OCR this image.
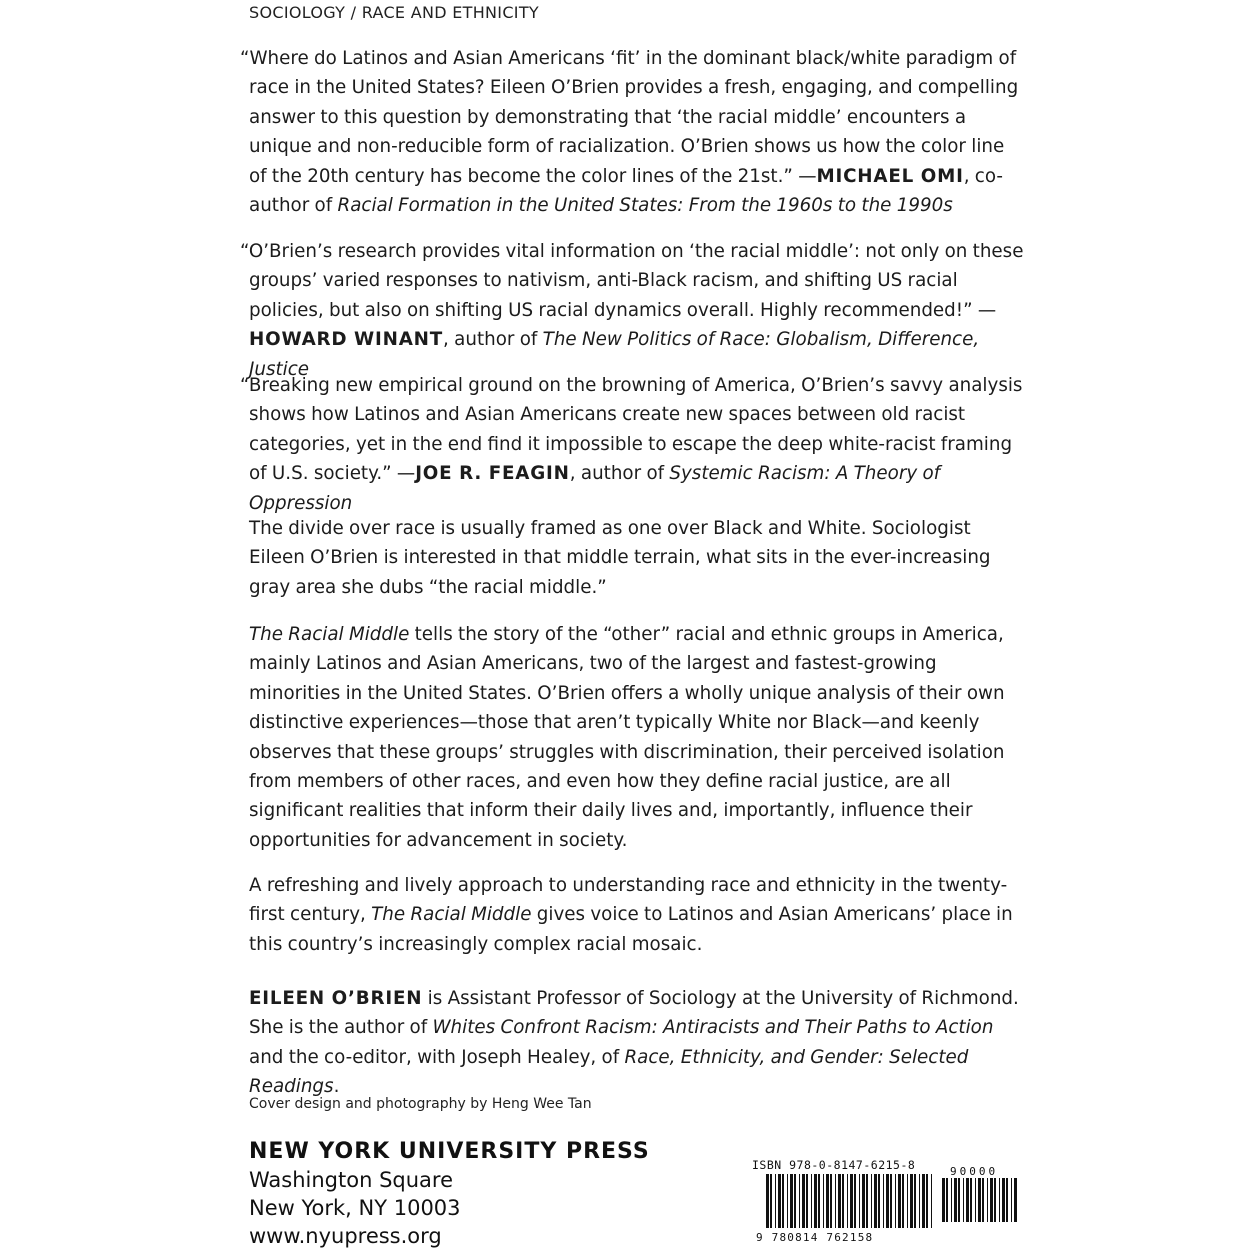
SOCIOLOGY / RACE AND ETHNICITY
“Where do Latinos and Asian Americans ‘fit’ in the dominant black/white paradigm of race in the United States? Eileen O’Brien provides a fresh, engaging, and compelling answer to this question by demonstrating that ‘the racial middle’ encounters a unique and non-reducible form of racialization. O’Brien shows us how the color line of the 20th century has become the color lines of the 21st.” —MICHAEL OMI, co-author of Racial Formation in the United States: From the 1960s to the 1990s
“O’Brien’s research provides vital information on ‘the racial middle’: not only on these groups’ varied responses to nativism, anti-Black racism, and shifting US racial policies, but also on shifting US racial dynamics overall. Highly recommended!” —HOWARD WINANT, author of The New Politics of Race: Globalism, Difference, Justice
“Breaking new empirical ground on the browning of America, O’Brien’s savvy analysis shows how Latinos and Asian Americans create new spaces between old racist categories, yet in the end find it impossible to escape the deep white-racist framing of U.S. society.” —JOE R. FEAGIN, author of Systemic Racism: A Theory of Oppression
The divide over race is usually framed as one over Black and White. Sociologist Eileen O’Brien is interested in that middle terrain, what sits in the ever-increasing gray area she dubs “the racial middle.”
The Racial Middle tells the story of the “other” racial and ethnic groups in America, mainly Latinos and Asian Americans, two of the largest and fastest-growing minorities in the United States. O’Brien offers a wholly unique analysis of their own distinctive experiences—those that aren’t typically White nor Black—and keenly observes that these groups’ struggles with discrimination, their perceived isolation from members of other races, and even how they define racial justice, are all significant realities that inform their daily lives and, importantly, influence their opportunities for advancement in society.
A refreshing and lively approach to understanding race and ethnicity in the twenty-first century, The Racial Middle gives voice to Latinos and Asian Americans’ place in this country’s increasingly complex racial mosaic.
EILEEN O’BRIEN is Assistant Professor of Sociology at the University of Richmond. She is the author of Whites Confront Racism: Antiracists and Their Paths to Action and the co-editor, with Joseph Healey, of Race, Ethnicity, and Gender: Selected Readings.
Cover design and photography by Heng Wee Tan
NEW YORK UNIVERSITY PRESS
Washington Square
New York, NY 10003
www.nyupress.org
ISBN 978-0-8147-6215-8
9 780814 762158
90000
